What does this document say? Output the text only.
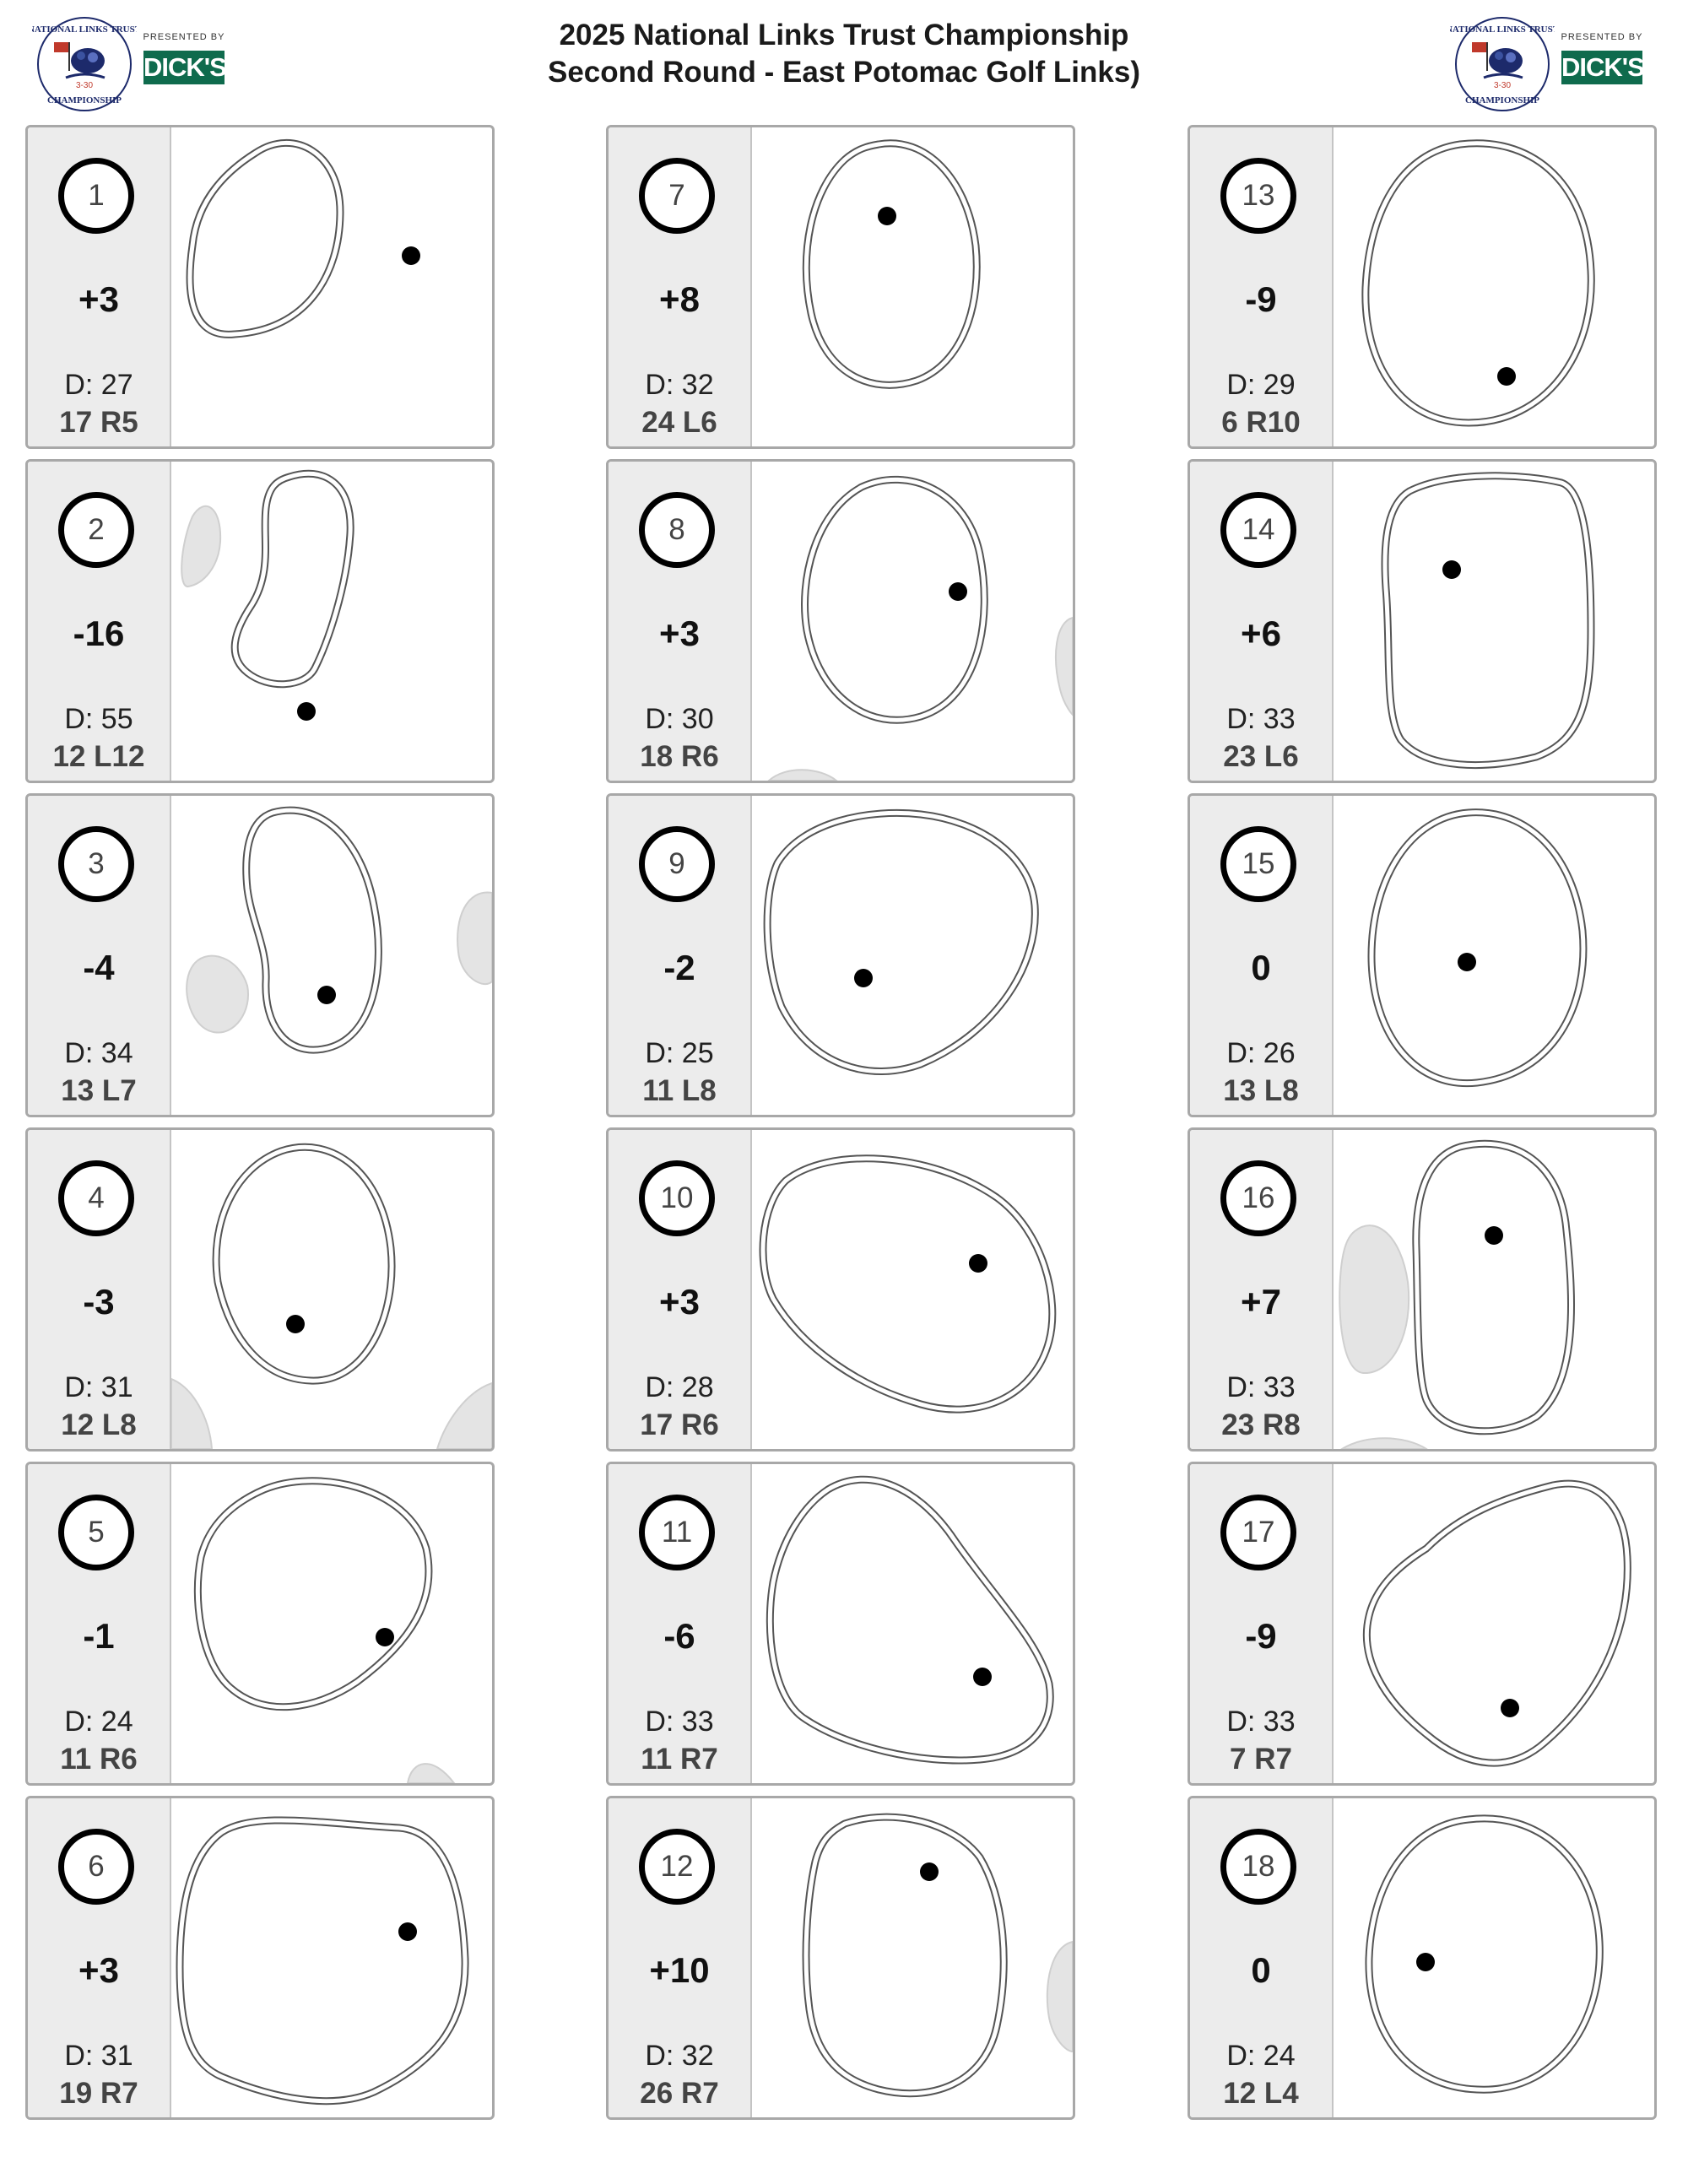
NATIONAL LINKS TRUST
CHAMPIONSHIP
3-30
PRESENTED BY
DICK'S
2025 National Links Trust Championship
Second Round - East Potomac Golf Links)
NATIONAL LINKS TRUST
CHAMPIONSHIP
3-30
PRESENTED BY
DICK'S
1
+3
D: 27
17 R5
2
-16
D: 55
12 L12
3
-4
D: 34
13 L7
4
-3
D: 31
12 L8
5
-1
D: 24
11 R6
6
+3
D: 31
19 R7
7
+8
D: 32
24 L6
8
+3
D: 30
18 R6
9
-2
D: 25
11 L8
10
+3
D: 28
17 R6
11
-6
D: 33
11 R7
12
+10
D: 32
26 R7
13
-9
D: 29
6 R10
14
+6
D: 33
23 L6
15
0
D: 26
13 L8
16
+7
D: 33
23 R8
17
-9
D: 33
7 R7
18
0
D: 24
12 L4
